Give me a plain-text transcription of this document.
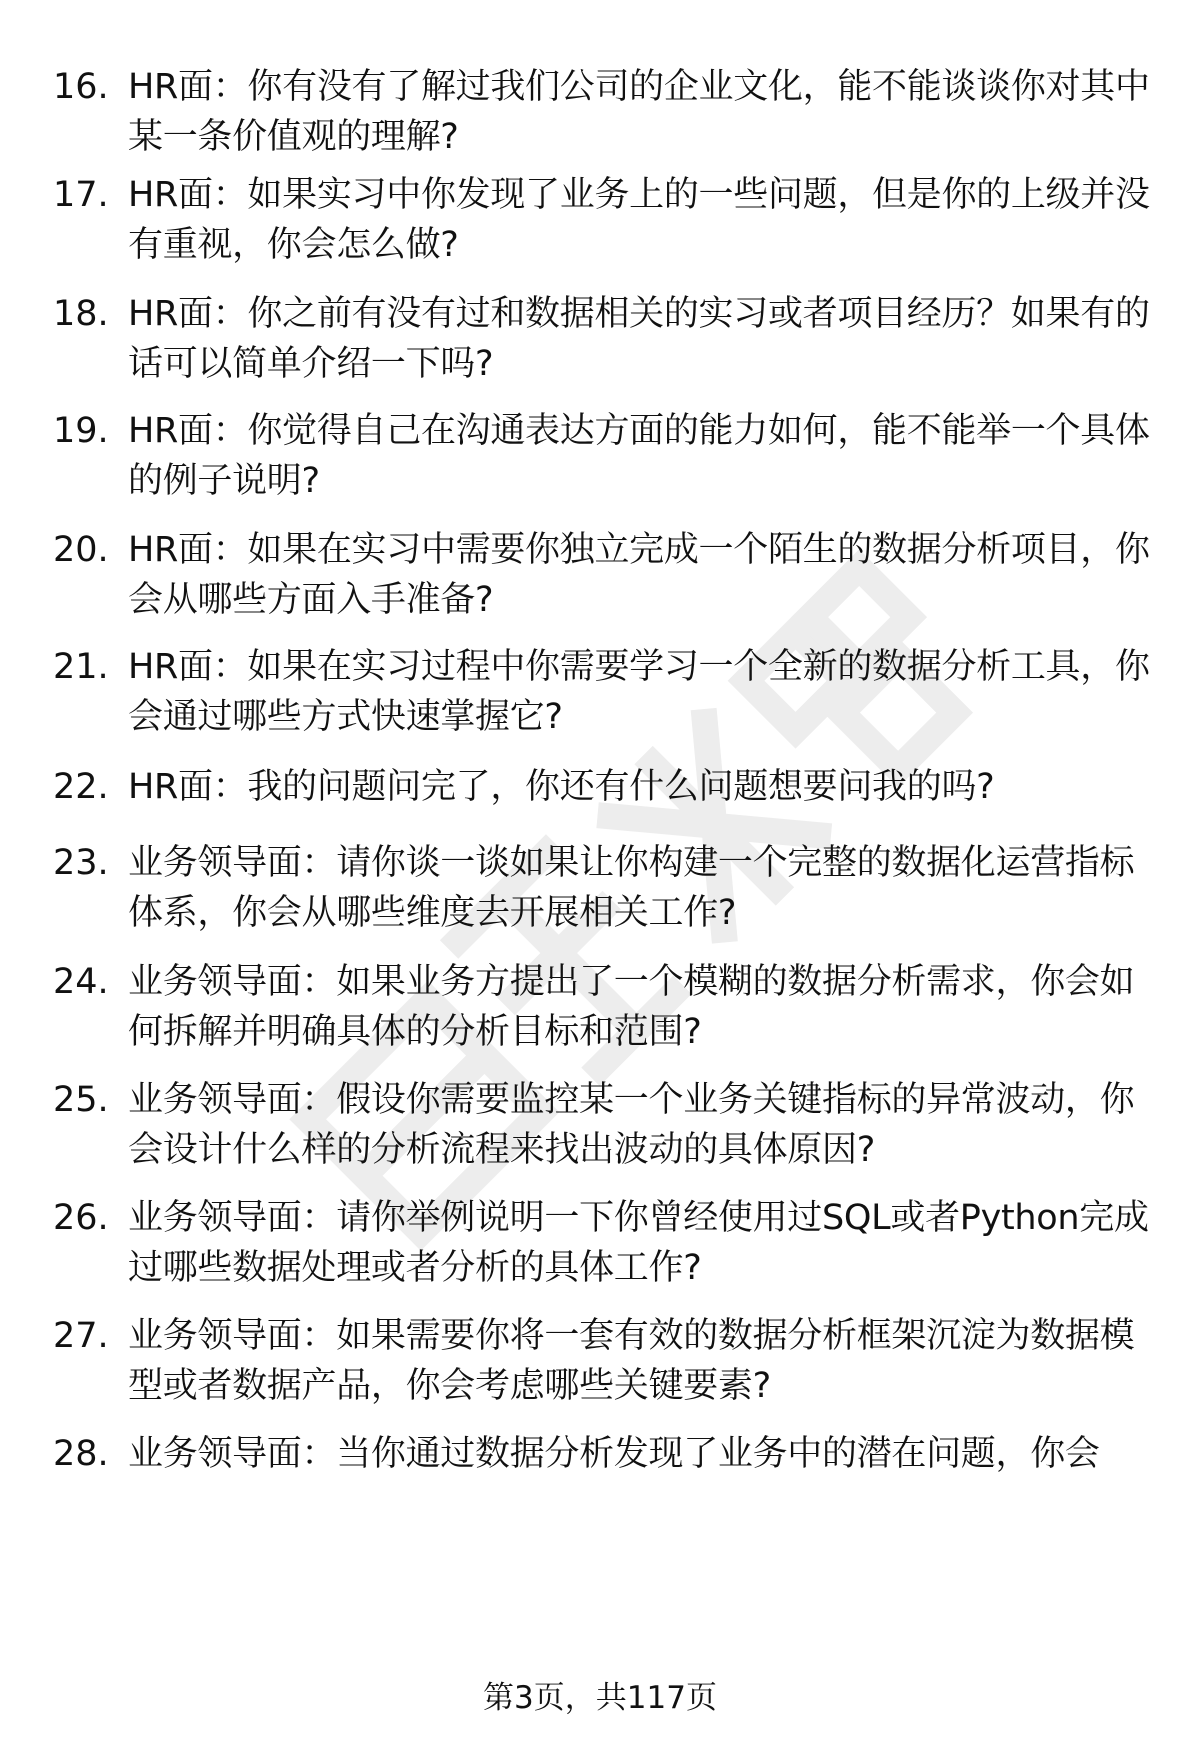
16. HR面：你有没有了解过我们公司的企业文化，能不能谈谈你对其中某一条价值观的理解?
17. HR面：如果实习中你发现了业务上的一些问题，但是你的上级并没有重视，你会怎么做?
18. HR面：你之前有没有过和数据相关的实习或者项目经历？如果有的话可以简单介绍一下吗?
19. HR面：你觉得自己在沟通表达方面的能力如何，能不能举一个具体的例子说明?
20. HR面：如果在实习中需要你独立完成一个陌生的数据分析项目，你会从哪些方面入手准备?
21. HR面：如果在实习过程中你需要学习一个全新的数据分析工具，你会通过哪些方式快速掌握它?
22. HR面：我的问题问完了，你还有什么问题想要问我的吗?
23. 业务领导面：请你谈一谈如果让你构建一个完整的数据化运营指标体系，你会从哪些维度去开展相关工作?
24. 业务领导面：如果业务方提出了一个模糊的数据分析需求，你会如何拆解并明确具体的分析目标和范围?
25. 业务领导面：假设你需要监控某一个业务关键指标的异常波动，你会设计什么样的分析流程来找出波动的具体原因?
26. 业务领导面：请你举例说明一下你曾经使用过SQL或者Python完成过哪些数据处理或者分析的具体工作?
27. 业务领导面：如果需要你将一套有效的数据分析框架沉淀为数据模型或者数据产品，你会考虑哪些关键要素?
28. 业务领导面：当你通过数据分析发现了业务中的潜在问题，你会
第3页，共117页
